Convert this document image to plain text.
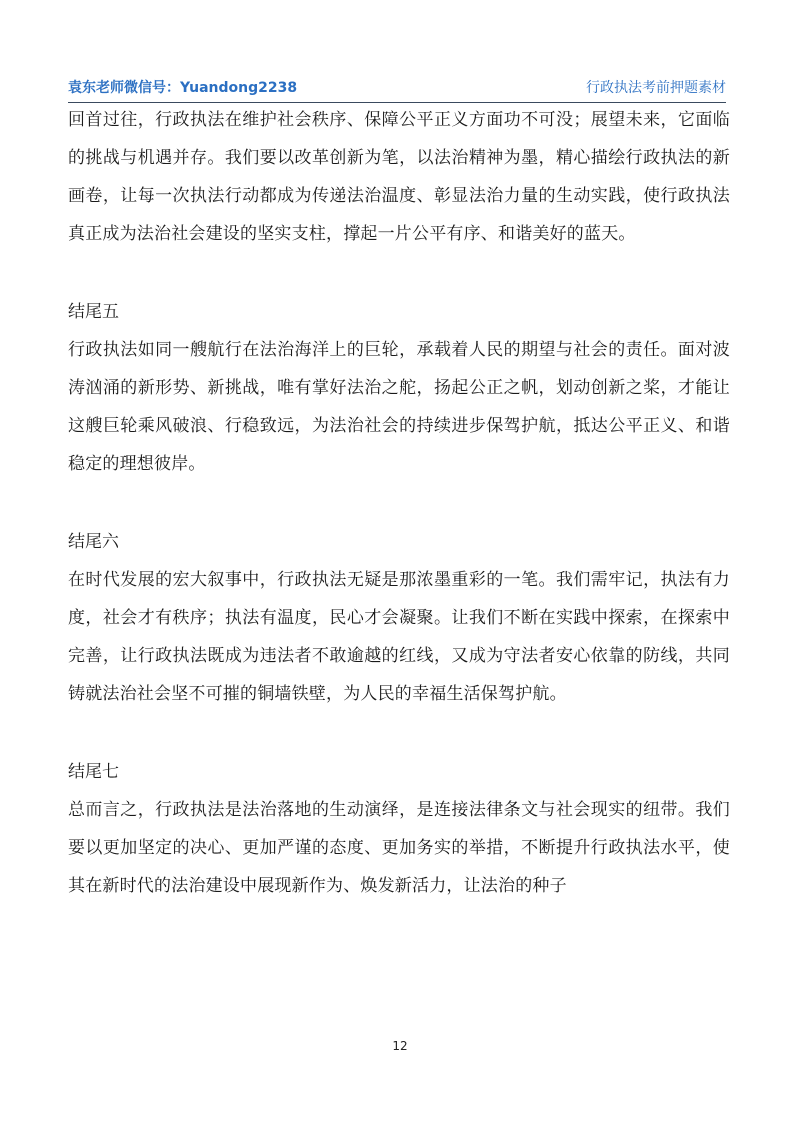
袁东老师微信号：Yuandong2238	行政执法考前押题素材

回首过往，行政执法在维护社会秩序、保障公平正义方面功不可没；展望未来，它面临的挑战与机遇并存。我们要以改革创新为笔，以法治精神为墨，精心描绘行政执法的新画卷，让每一次执法行动都成为传递法治温度、彰显法治力量的生动实践，使行政执法真正成为法治社会建设的坚实支柱，撑起一片公平有序、和谐美好的蓝天。

结尾五

行政执法如同一艘航行在法治海洋上的巨轮，承载着人民的期望与社会的责任。面对波涛汹涌的新形势、新挑战，唯有掌好法治之舵，扬起公正之帆，划动创新之桨，才能让这艘巨轮乘风破浪、行稳致远，为法治社会的持续进步保驾护航，抵达公平正义、和谐稳定的理想彼岸。

结尾六

在时代发展的宏大叙事中，行政执法无疑是那浓墨重彩的一笔。我们需牢记，执法有力度，社会才有秩序；执法有温度，民心才会凝聚。让我们不断在实践中探索，在探索中完善，让行政执法既成为违法者不敢逾越的红线，又成为守法者安心依靠的防线，共同铸就法治社会坚不可摧的铜墙铁壁，为人民的幸福生活保驾护航。

结尾七

总而言之，行政执法是法治落地的生动演绎，是连接法律条文与社会现实的纽带。我们要以更加坚定的决心、更加严谨的态度、更加务实的举措，不断提升行政执法水平，使其在新时代的法治建设中展现新作为、焕发新活力，让法治的种子

12
